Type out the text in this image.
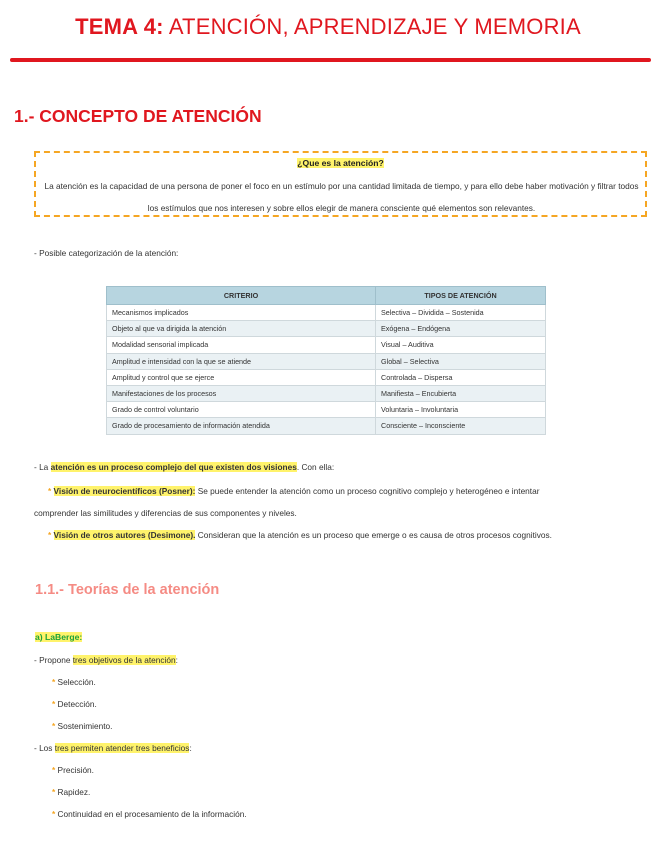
TEMA 4: ATENCIÓN, APRENDIZAJE Y MEMORIA
1.- CONCEPTO DE ATENCIÓN
¿Que es la atención?
La atención es la capacidad de una persona de poner el foco en un estímulo por una cantidad limitada de tiempo, y para ello debe haber motivación y filtrar todos los estímulos que nos interesen y sobre ellos elegir de manera consciente qué elementos son relevantes.
- Posible categorización de la atención:
CRITERIO	TIPOS DE ATENCIÓN
Mecanismos implicados	Selectiva – Dividida – Sostenida
Objeto al que va dirigida la atención	Exógena – Endógena
Modalidad sensorial implicada	Visual – Auditiva
Amplitud e intensidad con la que se atiende	Global – Selectiva
Amplitud y control que se ejerce	Controlada – Dispersa
Manifestaciones de los procesos	Manifiesta – Encubierta
Grado de control voluntario	Voluntaria – Involuntaria
Grado de procesamiento de información atendida	Consciente – Inconsciente
- La atención es un proceso complejo del que existen dos visiones. Con ella:
* Visión de neurocientíficos (Posner): Se puede entender la atención como un proceso cognitivo complejo y heterogéneo e intentar
comprender las similitudes y diferencias de sus componentes y niveles.
* Visión de otros autores (Desimone). Consideran que la atención es un proceso que emerge o es causa de otros procesos cognitivos.
1.1.- Teorías de la atención
a) LaBerge:
- Propone tres objetivos de la atención:
* Selección.
* Detección.
* Sostenimiento.
- Los tres permiten atender tres beneficios:
* Precisión.
* Rapidez.
* Continuidad en el procesamiento de la información.
